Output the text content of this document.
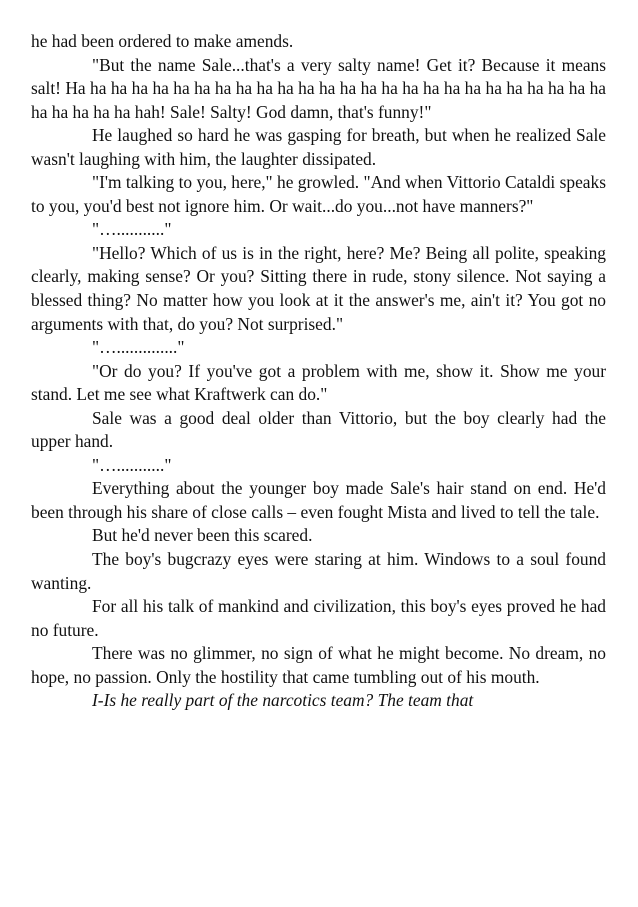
he had been ordered to make amends.

"But the name Sale...that's a very salty name! Get it? Because it means salt! Ha ha ha ha ha ha ha ha ha ha ha ha ha ha ha ha ha ha ha ha ha ha ha ha ha ha ha ha ha ha ha hah! Sale! Salty! God damn, that's funny!"

He laughed so hard he was gasping for breath, but when he realized Sale wasn't laughing with him, the laughter dissipated.

"I'm talking to you, here," he growled. "And when Vittorio Cataldi speaks to you, you'd best not ignore him. Or wait...do you...not have manners?"

"…..........."

"Hello? Which of us is in the right, here? Me? Being all polite, speaking clearly, making sense? Or you? Sitting there in rude, stony silence. Not saying a blessed thing? No matter how you look at it the answer's me, ain't it? You got no arguments with that, do you? Not surprised."

"….............."

"Or do you? If you've got a problem with me, show it. Show me your stand. Let me see what Kraftwerk can do."

Sale was a good deal older than Vittorio, but the boy clearly had the upper hand.

"…..........."

Everything about the younger boy made Sale's hair stand on end. He'd been through his share of close calls – even fought Mista and lived to tell the tale.

But he'd never been this scared.

The boy's bugcrazy eyes were staring at him. Windows to a soul found wanting.

For all his talk of mankind and civilization, this boy's eyes proved he had no future.

There was no glimmer, no sign of what he might become. No dream, no hope, no passion. Only the hostility that came tumbling out of his mouth.

I-Is he really part of the narcotics team? The team that
